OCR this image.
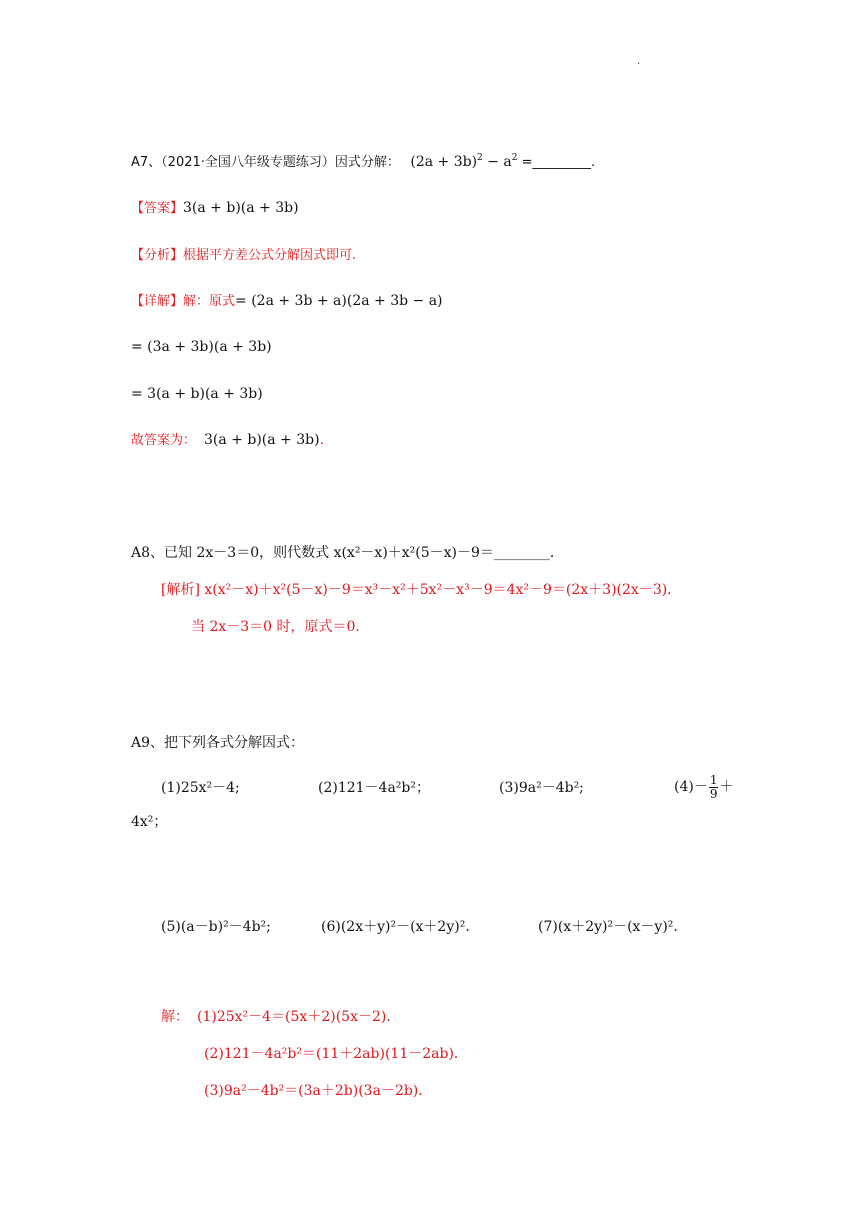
.
A7、（2021·全国八年级专题练习）因式分解： $(2a + 3b)^2 - a^2$ =_________.
【答案】3(a + b)(a + 3b)
【分析】根据平方差公式分解因式即可.
【详解】解：原式= (2a + 3b + a)(2a + 3b − a)
= (3a + 3b)(a + 3b)
= 3(a + b)(a + 3b)
故答案为： 3(a + b)(a + 3b).
A8、已知 2x－3＝0，则代数式 x(x²－x)＋x²(5－x)－9＝________．
[解析] x(x²－x)＋x²(5－x)－9＝x³－x²＋5x²－x³－9＝4x²－9＝(2x＋3)(2x－3)．
当 2x－3＝0 时，原式＝0.
A9、把下列各式分解因式：
(1)25x²－4;	(2)121－4a²b²；	(3)9a²－4b²;	$(4)- \frac{1}{9}$ ＋
4x²；
(5)(a－b)²－4b²;	(6)(2x＋y)²－(x＋2y)².	(7)(x＋2y)²－(x－y)².
解： (1)25x²－4＝(5x＋2)(5x－2)．
(2)121－4a²b²＝(11＋2ab)(11－2ab)．
(3)9a²－4b²＝(3a＋2b)(3a－2b)．
